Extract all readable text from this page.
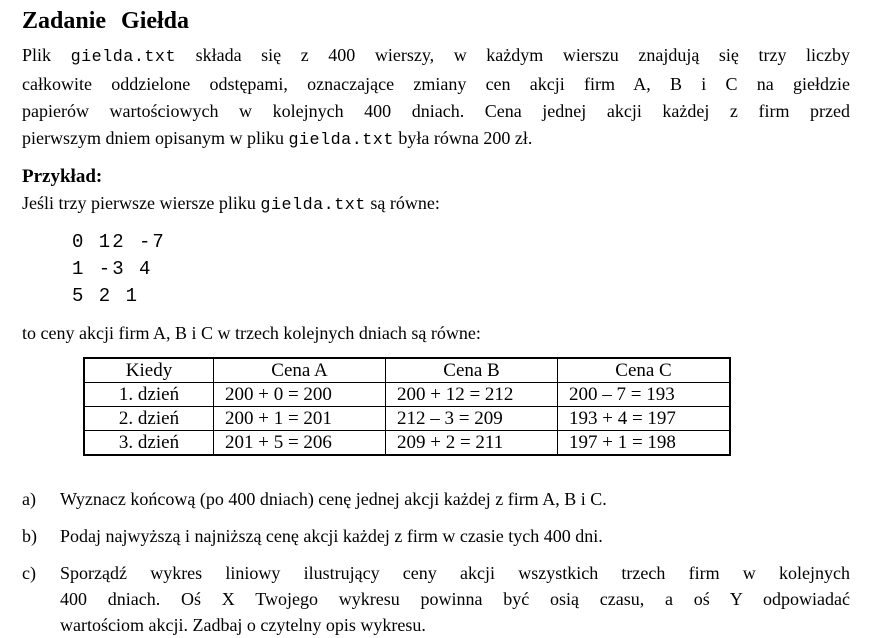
Zadanie Giełda
Plik gielda.txt składa się z 400 wierszy, w każdym wierszu znajdują się trzy liczby
całkowite oddzielone odstępami, oznaczające zmiany cen akcji firm A, B i C na giełdzie
papierów wartościowych w kolejnych 400 dniach. Cena jednej akcji każdej z firm przed
pierwszym dniem opisanym w pliku gielda.txt była równa 200 zł.
Przykład:
Jeśli trzy pierwsze wiersze pliku gielda.txt są równe:
0 12 -7
1 -3 4
5 2 1
to ceny akcji firm A, B i C w trzech kolejnych dniach są równe:
Kiedy	Cena A	Cena B	Cena C
1. dzień	200 + 0 = 200	200 + 12 = 212	200 – 7 = 193
2. dzień	200 + 1 = 201	212 – 3 = 209	193 + 4 = 197
3. dzień	201 + 5 = 206	209 + 2 = 211	197 + 1 = 198
a)	Wyznacz końcową (po 400 dniach) cenę jednej akcji każdej z firm A, B i C.
b)	Podaj najwyższą i najniższą cenę akcji każdej z firm w czasie tych 400 dni.
c)	Sporządź wykres liniowy ilustrujący ceny akcji wszystkich trzech firm w kolejnych
400 dniach. Oś X Twojego wykresu powinna być osią czasu, a oś Y odpowiadać
wartościom akcji. Zadbaj o czytelny opis wykresu.
